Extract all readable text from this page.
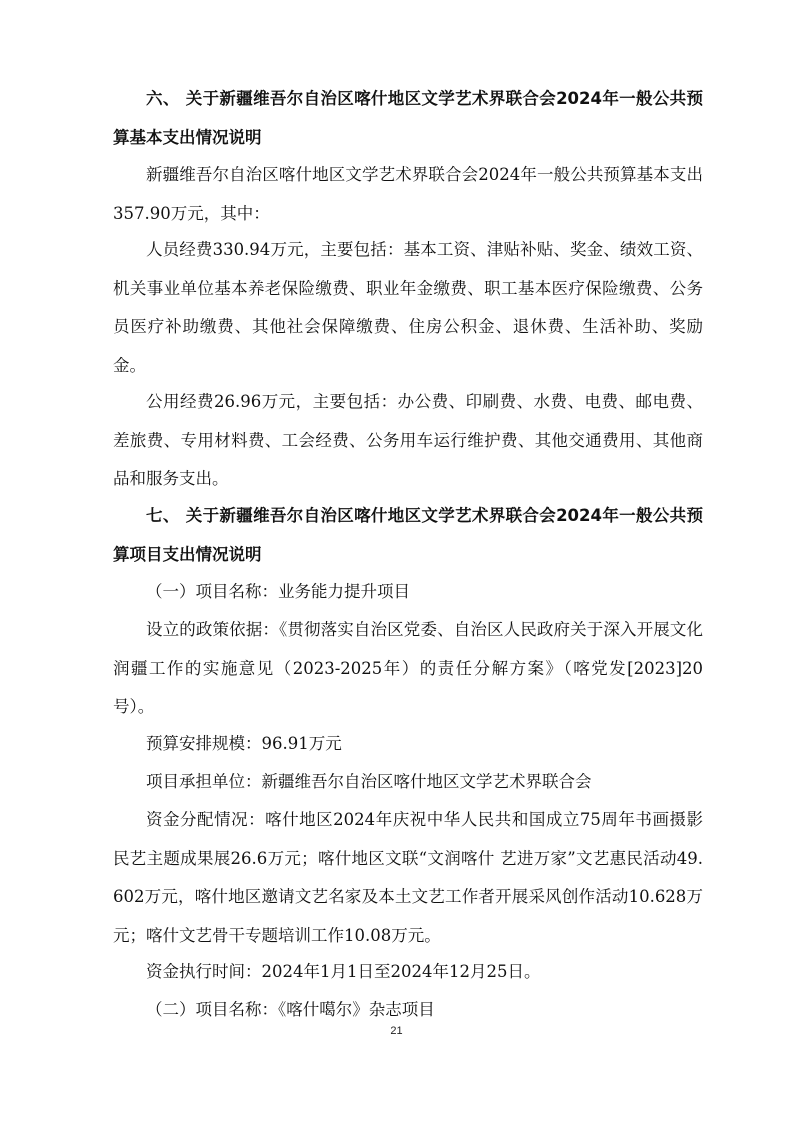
六、 关于新疆维吾尔自治区喀什地区文学艺术界联合会2024年一般公共预算基本支出情况说明

新疆维吾尔自治区喀什地区文学艺术界联合会2024年一般公共预算基本支出357.90万元，其中：

人员经费330.94万元，主要包括：基本工资、津贴补贴、奖金、绩效工资、机关事业单位基本养老保险缴费、职业年金缴费、职工基本医疗保险缴费、公务员医疗补助缴费、其他社会保障缴费、住房公积金、退休费、生活补助、奖励金。

公用经费26.96万元，主要包括：办公费、印刷费、水费、电费、邮电费、差旅费、专用材料费、工会经费、公务用车运行维护费、其他交通费用、其他商品和服务支出。

七、 关于新疆维吾尔自治区喀什地区文学艺术界联合会2024年一般公共预算项目支出情况说明

（一）项目名称：业务能力提升项目

设立的政策依据：《贯彻落实自治区党委、自治区人民政府关于深入开展文化润疆工作的实施意见（2023-2025年）的责任分解方案》（喀党发[2023]20号）。

预算安排规模：96.91万元

项目承担单位：新疆维吾尔自治区喀什地区文学艺术界联合会

资金分配情况：喀什地区2024年庆祝中华人民共和国成立75周年书画摄影民艺主题成果展26.6万元；喀什地区文联“文润喀什 艺进万家”文艺惠民活动49.602万元，喀什地区邀请文艺名家及本土文艺工作者开展采风创作活动10.628万元；喀什文艺骨干专题培训工作10.08万元。

资金执行时间：2024年1月1日至2024年12月25日。

（二）项目名称：《喀什噶尔》杂志项目

21
